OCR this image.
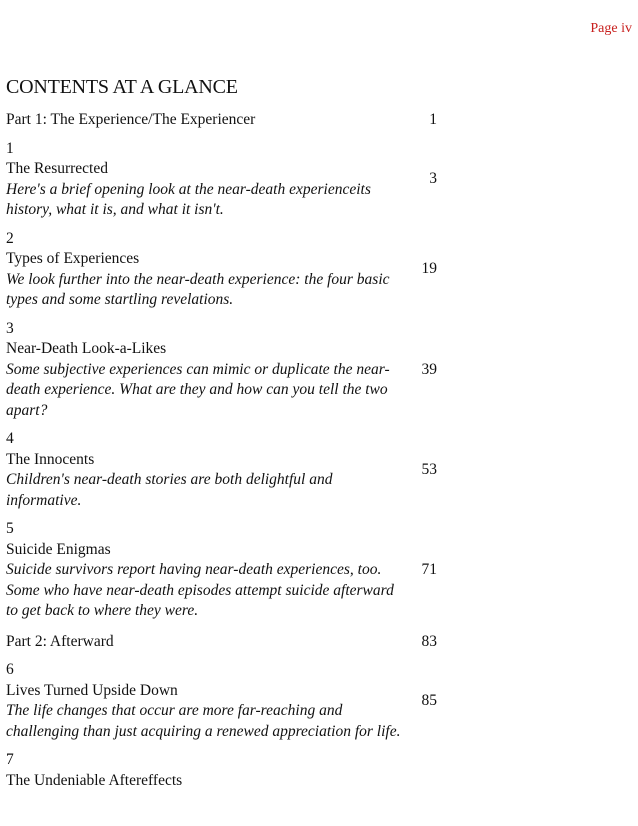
Page iv
CONTENTS AT A GLANCE
Part 1: The Experience/The Experiencer	1

1
The Resurrected
Here's a brief opening look at the near-death experienceits history, what it is, and what it isn't.	3

2
Types of Experiences
We look further into the near-death experience: the four basic types and some startling revelations.	19

3
Near-Death Look-a-Likes
Some subjective experiences can mimic or duplicate the near-death experience. What are they and how can you tell the two apart?	39

4
The Innocents
Children's near-death stories are both delightful and informative.	53

5
Suicide Enigmas
Suicide survivors report having near-death experiences, too. Some who have near-death episodes attempt suicide afterward to get back to where they were.	71
Part 2: Afterward	83

6
Lives Turned Upside Down
The life changes that occur are more far-reaching and challenging than just acquiring a renewed appreciation for life.	85

7
The Undeniable Aftereffects	
